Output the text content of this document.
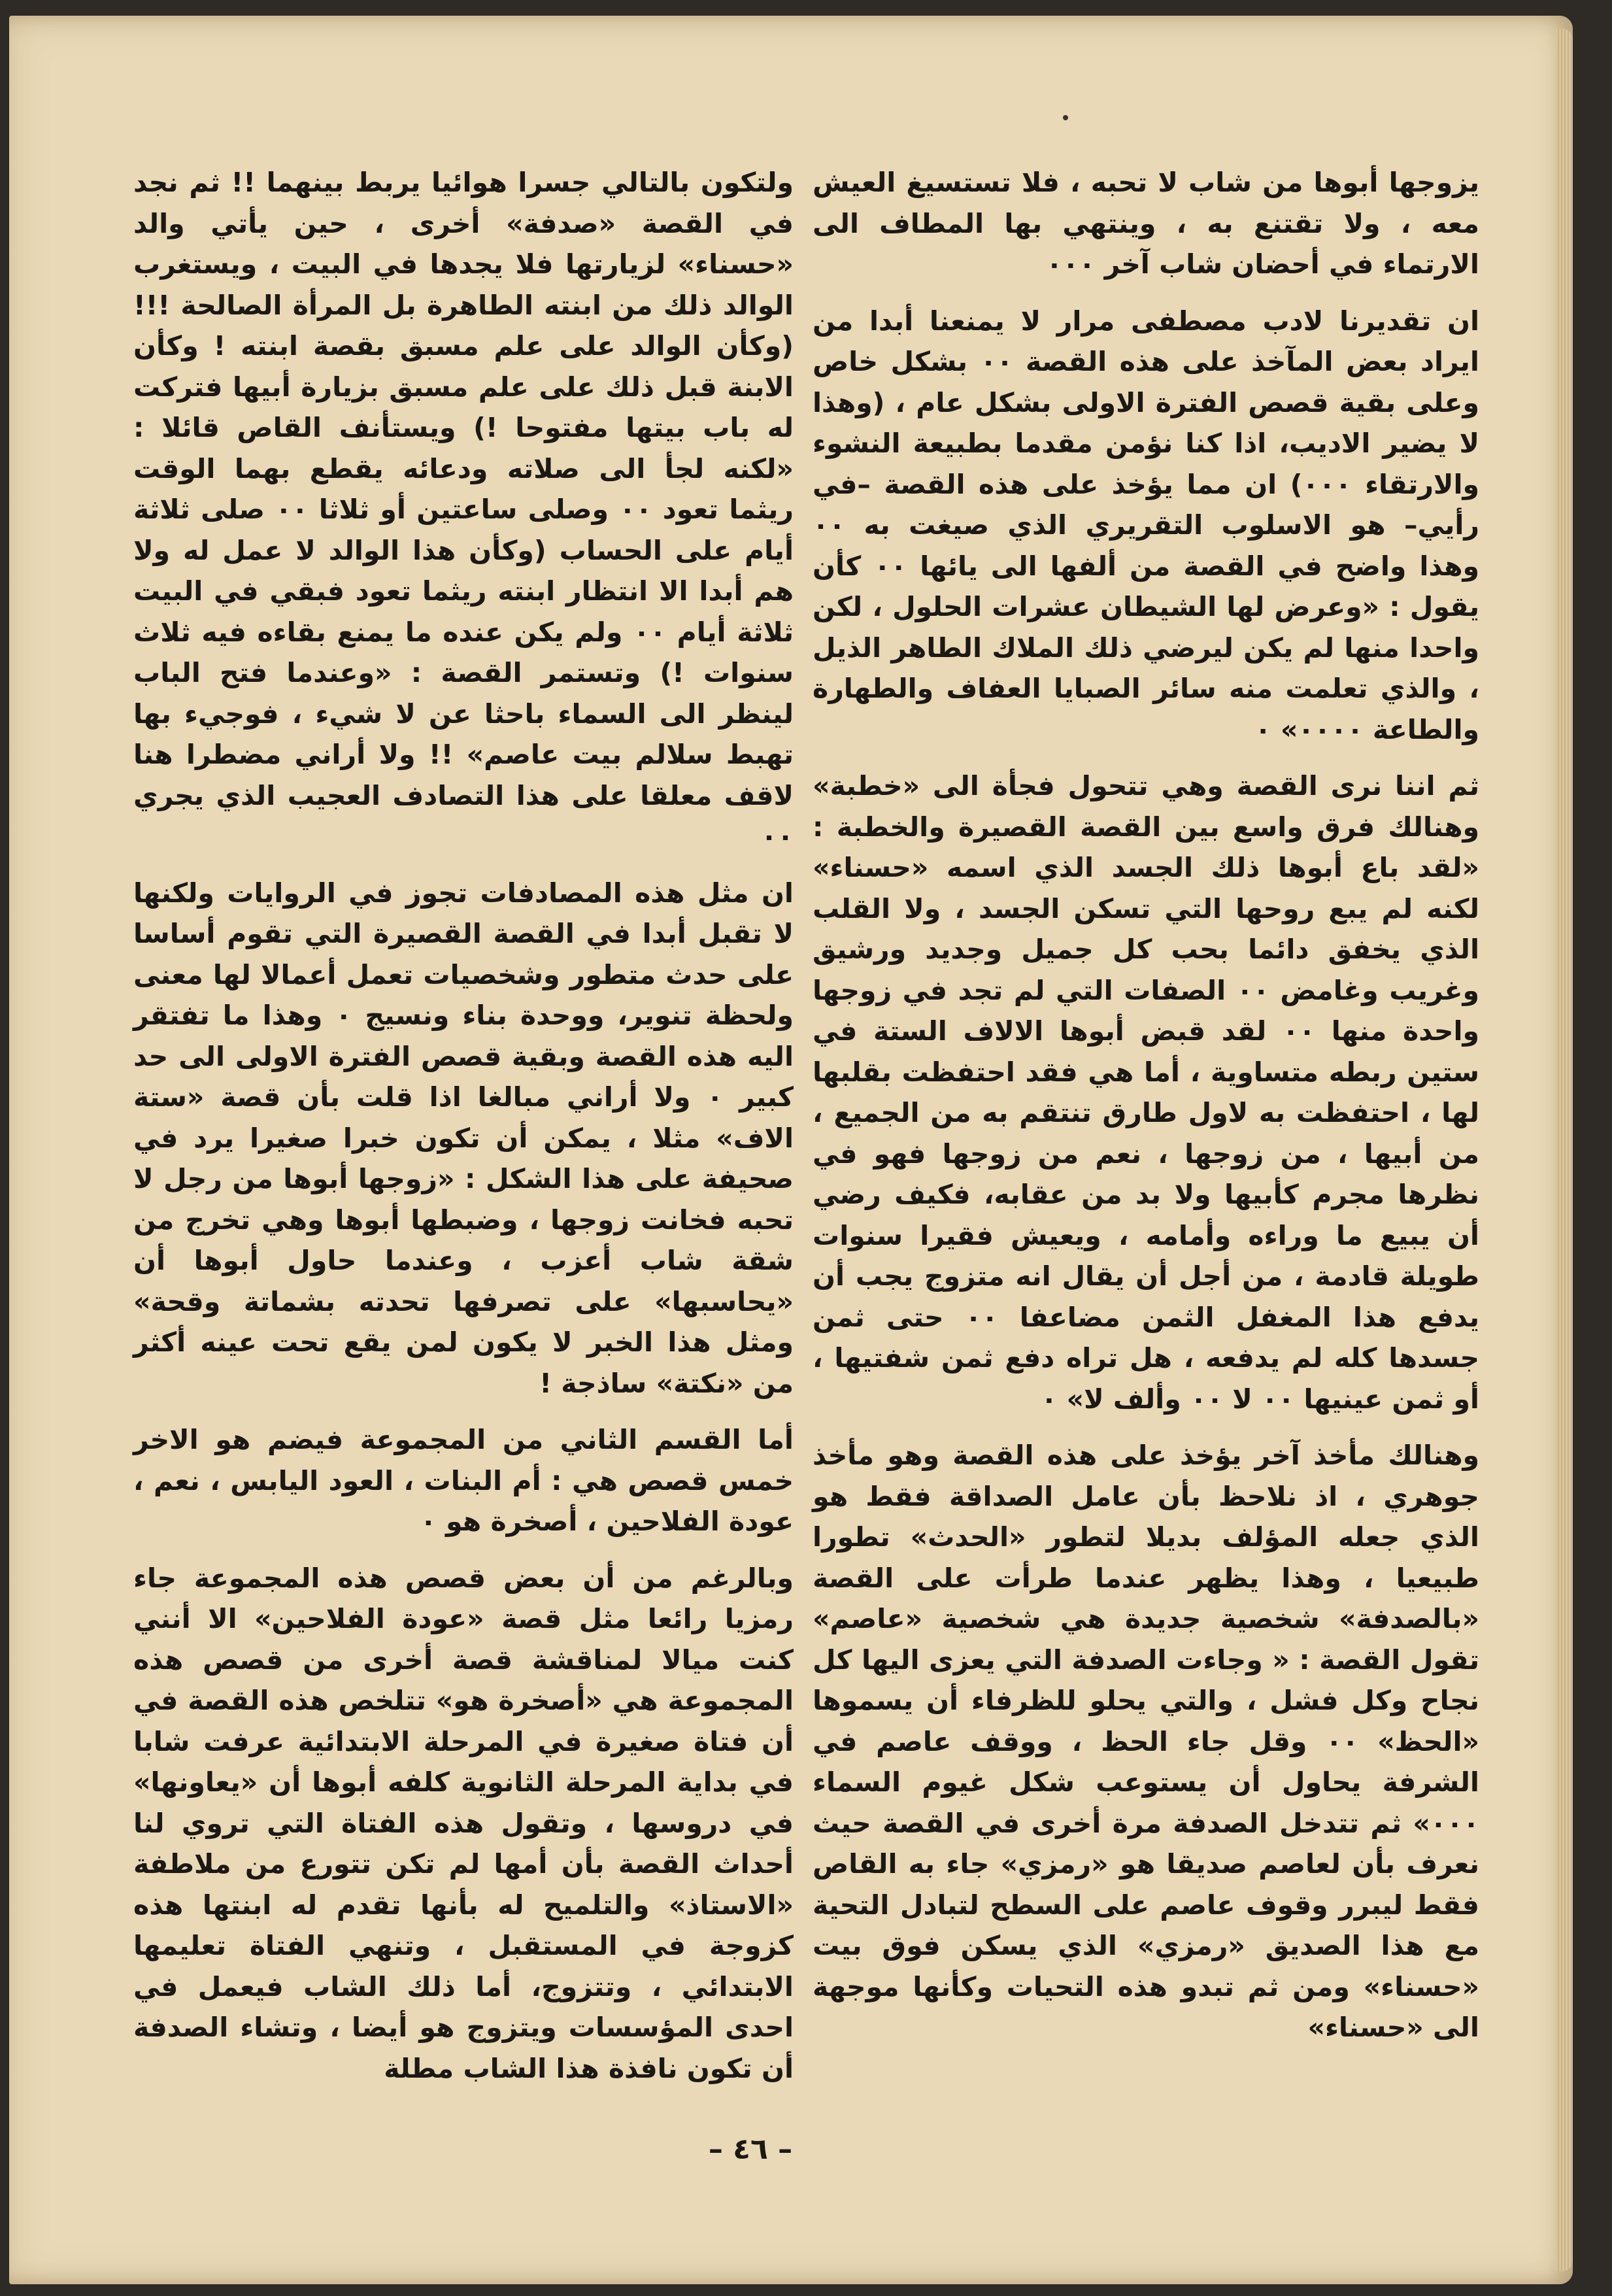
يزوجها أبوها من شاب لا تحبه ، فلا تستسيغ العيش معه ، ولا تقتنع به ، وينتهي بها المطاف الى الارتماء في أحضان شاب آخر ٠٠٠

ان تقديرنا لادب مصطفى مرار لا يمنعنا أبدا من ايراد بعض المآخذ على هذه القصة ٠٠ بشكل خاص وعلى بقية قصص الفترة الاولى بشكل عام ، (وهذا لا يضير الاديب، اذا كنا نؤمن مقدما بطبيعة النشوء والارتقاء ٠٠٠) ان مما يؤخذ على هذه القصة –في رأيي– هو الاسلوب التقريري الذي صيغت به ٠٠ وهذا واضح في القصة من ألفها الى يائها ٠٠ كأن يقول : «وعرض لها الشيطان عشرات الحلول ، لكن واحدا منها لم يكن ليرضي ذلك الملاك الطاهر الذيل ، والذي تعلمت منه سائر الصبايا العفاف والطهارة والطاعة ٠٠٠٠» ٠

ثم اننا نرى القصة وهي تتحول فجأة الى «خطبة» وهنالك فرق واسع بين القصة القصيرة والخطبة : «لقد باع أبوها ذلك الجسد الذي اسمه «حسناء» لكنه لم يبع روحها التي تسكن الجسد ، ولا القلب الذي يخفق دائما بحب كل جميل وجديد ورشيق وغريب وغامض ٠٠ الصفات التي لم تجد في زوجها واحدة منها ٠٠ لقد قبض أبوها الالاف الستة في ستين ربطه متساوية ، أما هي فقد احتفظت بقلبها لها ، احتفظت به لاول طارق تنتقم به من الجميع ، من أبيها ، من زوجها ، نعم من زوجها فهو في نظرها مجرم كأبيها ولا بد من عقابه، فكيف رضي أن يبيع ما وراءه وأمامه ، ويعيش فقيرا سنوات طويلة قادمة ، من أجل أن يقال انه متزوج يجب أن يدفع هذا المغفل الثمن مضاعفا ٠٠ حتى ثمن جسدها كله لم يدفعه ، هل تراه دفع ثمن شفتيها ، أو ثمن عينيها ٠٠ لا ٠٠ وألف لا» ٠

وهنالك مأخذ آخر يؤخذ على هذه القصة وهو مأخذ جوهري ، اذ نلاحظ بأن عامل الصداقة فقط هو الذي جعله المؤلف بديلا لتطور «الحدث» تطورا طبيعيا ، وهذا يظهر عندما طرأت على القصة «بالصدفة» شخصية جديدة هي شخصية «عاصم» تقول القصة : « وجاءت الصدفة التي يعزى اليها كل نجاح وكل فشل ، والتي يحلو للظرفاء أن يسموها «الحظ» ٠٠ وقل جاء الحظ ، ووقف عاصم في الشرفة يحاول أن يستوعب شكل غيوم السماء ٠٠٠» ثم تتدخل الصدفة مرة أخرى في القصة حيث نعرف بأن لعاصم صديقا هو «رمزي» جاء به القاص فقط ليبرر وقوف عاصم على السطح لتبادل التحية مع هذا الصديق «رمزي» الذي يسكن فوق بيت «حسناء» ومن ثم تبدو هذه التحيات وكأنها موجهة الى «حسناء»

ولتكون بالتالي جسرا هوائيا يربط بينهما !! ثم نجد في القصة «صدفة» أخرى ، حين يأتي والد «حسناء» لزيارتها فلا يجدها في البيت ، ويستغرب الوالد ذلك من ابنته الطاهرة بل المرأة الصالحة !!! (وكأن الوالد على علم مسبق بقصة ابنته ! وكأن الابنة قبل ذلك على علم مسبق بزيارة أبيها فتركت له باب بيتها مفتوحا !) ويستأنف القاص قائلا : «لكنه لجأ الى صلاته ودعائه يقطع بهما الوقت ريثما تعود ٠٠ وصلى ساعتين أو ثلاثا ٠٠ صلى ثلاثة أيام على الحساب (وكأن هذا الوالد لا عمل له ولا هم أبدا الا انتظار ابنته ريثما تعود فبقي في البيت ثلاثة أيام ٠٠ ولم يكن عنده ما يمنع بقاءه فيه ثلاث سنوات !) وتستمر القصة : «وعندما فتح الباب لينظر الى السماء باحثا عن لا شيء ، فوجيء بها تهبط سلالم بيت عاصم» !! ولا أراني مضطرا هنا لاقف معلقا على هذا التصادف العجيب الذي يجري ٠٠

ان مثل هذه المصادفات تجوز في الروايات ولكنها لا تقبل أبدا في القصة القصيرة التي تقوم أساسا على حدث متطور وشخصيات تعمل أعمالا لها معنى ولحظة تنوير، ووحدة بناء ونسيج ٠ وهذا ما تفتقر اليه هذه القصة وبقية قصص الفترة الاولى الى حد كبير ٠ ولا أراني مبالغا اذا قلت بأن قصة «ستة الاف» مثلا ، يمكن أن تكون خبرا صغيرا يرد في صحيفة على هذا الشكل : «زوجها أبوها من رجل لا تحبه فخانت زوجها ، وضبطها أبوها وهي تخرج من شقة شاب أعزب ، وعندما حاول أبوها أن «يحاسبها» على تصرفها تحدته بشماتة وقحة» ومثل هذا الخبر لا يكون لمن يقع تحت عينه أكثر من «نكتة» ساذجة !

أما القسم الثاني من المجموعة فيضم هو الاخر خمس قصص هي : أم البنات ، العود اليابس ، نعم ، عودة الفلاحين ، أصخرة هو ٠

وبالرغم من أن بعض قصص هذه المجموعة جاء رمزيا رائعا مثل قصة «عودة الفلاحين» الا أنني كنت ميالا لمناقشة قصة أخرى من قصص هذه المجموعة هي «أصخرة هو» تتلخص هذه القصة في أن فتاة صغيرة في المرحلة الابتدائية عرفت شابا في بداية المرحلة الثانوية كلفه أبوها أن «يعاونها» في دروسها ، وتقول هذه الفتاة التي تروي لنا أحداث القصة بأن أمها لم تكن تتورع من ملاطفة «الاستاذ» والتلميح له بأنها تقدم له ابنتها هذه كزوجة في المستقبل ، وتنهي الفتاة تعليمها الابتدائي ، وتتزوج، أما ذلك الشاب فيعمل في احدى المؤسسات ويتزوج هو أيضا ، وتشاء الصدفة أن تكون نافذة هذا الشاب مطلة

– ٤٦ –
